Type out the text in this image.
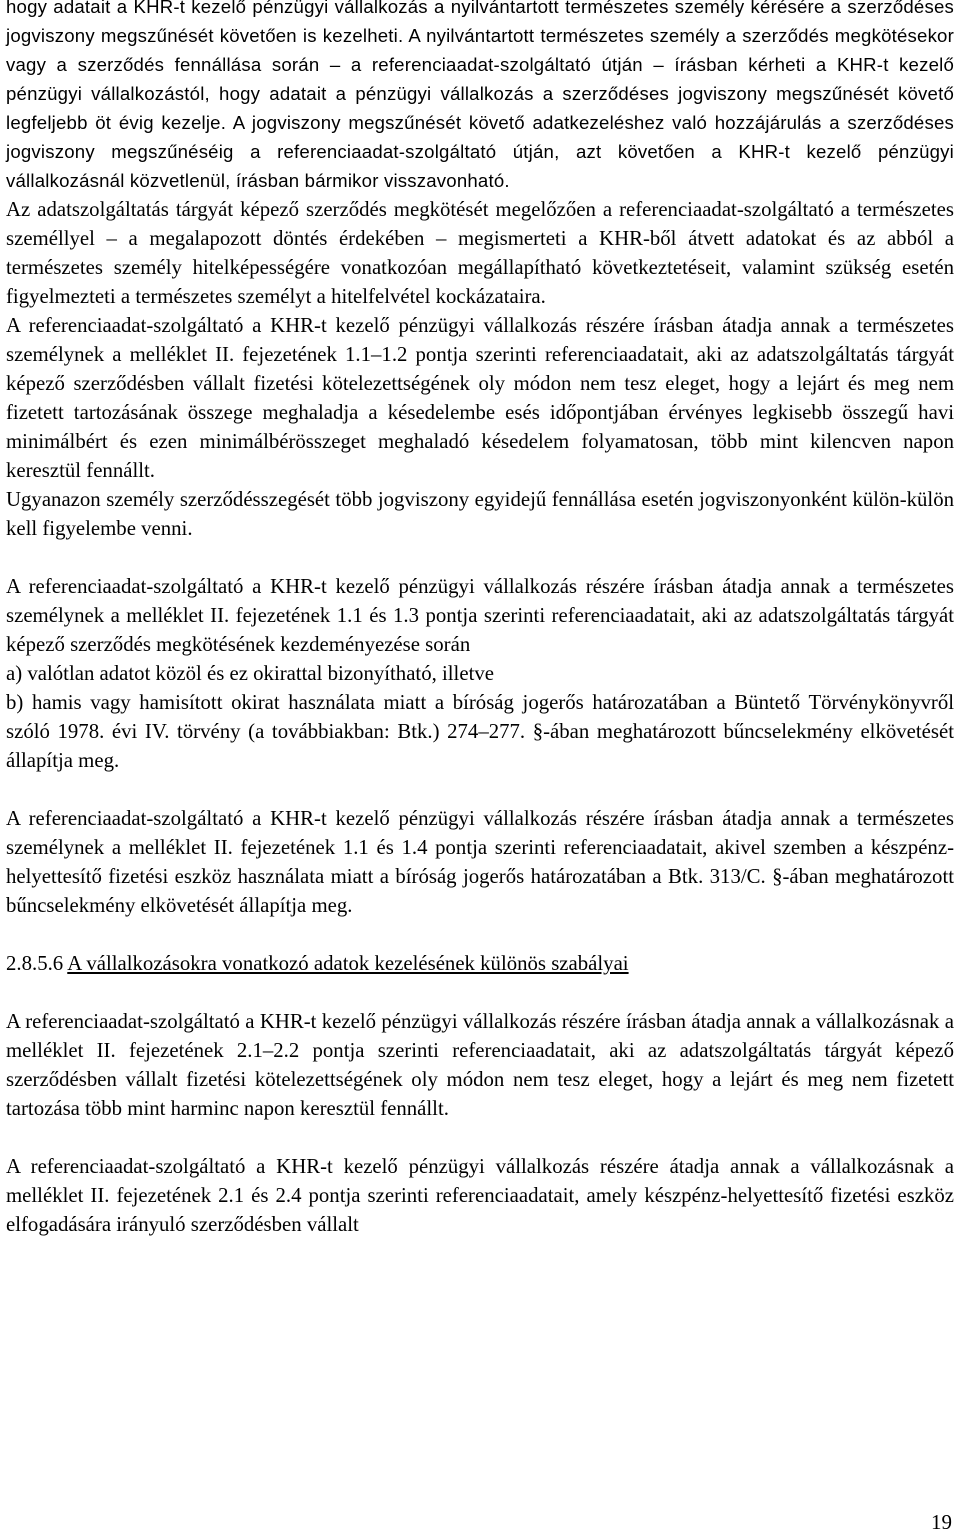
hogy adatait a KHR-t kezelő pénzügyi vállalkozás a nyilvántartott természetes személy kérésére a szerződéses jogviszony megszűnését követően is kezelheti. A nyilvántartott természetes személy a szerződés megkötésekor vagy a szerződés fennállása során – a referenciaadat-szolgáltató útján – írásban kérheti a KHR-t kezelő pénzügyi vállalkozástól, hogy adatait a pénzügyi vállalkozás a szerződéses jogviszony megszűnését követő legfeljebb öt évig kezelje. A jogviszony megszűnését követő adatkezeléshez való hozzájárulás a szerződéses jogviszony megszűnéséig a referenciaadat-szolgáltató útján, azt követően a KHR-t kezelő pénzügyi vállalkozásnál közvetlenül, írásban bármikor visszavonható.

Az adatszolgáltatás tárgyát képező szerződés megkötését megelőzően a referenciaadat-szolgáltató a természetes személlyel – a megalapozott döntés érdekében – megismerteti a KHR-ből átvett adatokat és az abból a természetes személy hitelképességére vonatkozóan megállapítható következtetéseit, valamint szükség esetén figyelmezteti a természetes személyt a hitelfelvétel kockázataira.

A referenciaadat-szolgáltató a KHR-t kezelő pénzügyi vállalkozás részére írásban átadja annak a természetes személynek a melléklet II. fejezetének 1.1–1.2 pontja szerinti referenciaadatait, aki az adatszolgáltatás tárgyát képező szerződésben vállalt fizetési kötelezettségének oly módon nem tesz eleget, hogy a lejárt és meg nem fizetett tartozásának összege meghaladja a késedelembe esés időpontjában érvényes legkisebb összegű havi minimálbért és ezen minimálbérösszeget meghaladó késedelem folyamatosan, több mint kilencven napon keresztül fennállt.

Ugyanazon személy szerződésszegését több jogviszony egyidejű fennállása esetén jogviszonyonként külön-külön kell figyelembe venni.

A referenciaadat-szolgáltató a KHR-t kezelő pénzügyi vállalkozás részére írásban átadja annak a természetes személynek a melléklet II. fejezetének 1.1 és 1.3 pontja szerinti referenciaadatait, aki az adatszolgáltatás tárgyát képező szerződés megkötésének kezdeményezése során

a) valótlan adatot közöl és ez okirattal bizonyítható, illetve

b) hamis vagy hamisított okirat használata miatt a bíróság jogerős határozatában a Büntető Törvénykönyvről szóló 1978. évi IV. törvény (a továbbiakban: Btk.) 274–277. §-ában meghatározott bűncselekmény elkövetését állapítja meg.

A referenciaadat-szolgáltató a KHR-t kezelő pénzügyi vállalkozás részére írásban átadja annak a természetes személynek a melléklet II. fejezetének 1.1 és 1.4 pontja szerinti referenciaadatait, akivel szemben a készpénz-helyettesítő fizetési eszköz használata miatt a bíróság jogerős határozatában a Btk. 313/C. §-ában meghatározott bűncselekmény elkövetését állapítja meg.

2.8.5.6 A vállalkozásokra vonatkozó adatok kezelésének különös szabályai

A referenciaadat-szolgáltató a KHR-t kezelő pénzügyi vállalkozás részére írásban átadja annak a vállalkozásnak a melléklet II. fejezetének 2.1–2.2 pontja szerinti referenciaadatait, aki az adatszolgáltatás tárgyát képező szerződésben vállalt fizetési kötelezettségének oly módon nem tesz eleget, hogy a lejárt és meg nem fizetett tartozása több mint harminc napon keresztül fennállt.

A referenciaadat-szolgáltató a KHR-t kezelő pénzügyi vállalkozás részére átadja annak a vállalkozásnak a melléklet II. fejezetének 2.1 és 2.4 pontja szerinti referenciaadatait, amely készpénz-helyettesítő fizetési eszköz elfogadására irányuló szerződésben vállalt

19
